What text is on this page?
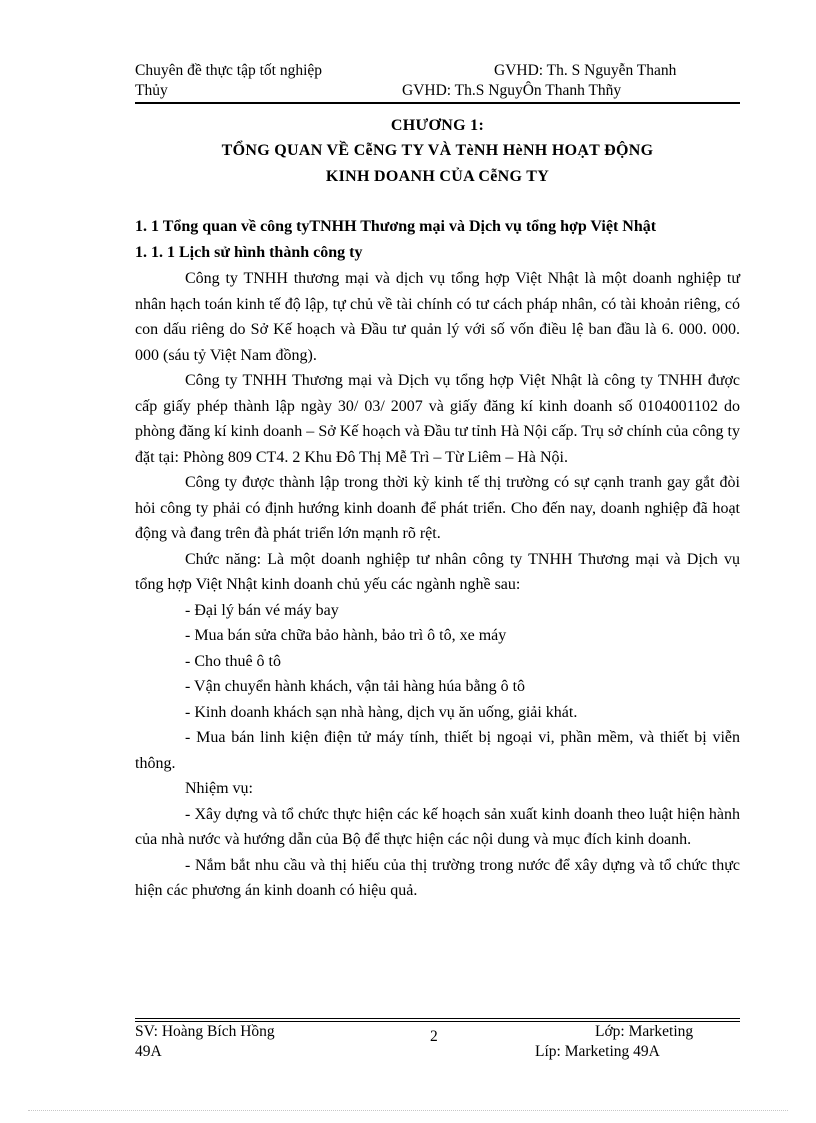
Chuyên đề thực tập tốt nghiệp	GVHD: Th. S Nguyễn Thanh
Thủy	GVHD: Th.S NguyÔn Thanh Thñy
CHƯƠNG 1:
TỔNG QUAN VỀ CễNG TY VÀ TèNH HèNH HOẠT ĐỘNG
KINH DOANH CỦA CễNG TY
1. 1 Tổng quan về công tyTNHH Thương mại và Dịch vụ tổng hợp Việt Nhật
1. 1. 1 Lịch sử hình thành công ty

Công ty TNHH thương mại và dịch vụ tổng hợp Việt Nhật là một doanh nghiệp tư nhân hạch toán kinh tế độ lập, tự chủ về tài chính có tư cách pháp nhân, có tài khoản riêng, có con dấu riêng do Sở Kế hoạch và Đầu tư quản lý với số vốn điều lệ ban đầu là 6. 000. 000. 000 (sáu tỷ Việt Nam đồng).

Công ty TNHH Thương mại và Dịch vụ tổng hợp Việt Nhật là công ty TNHH được cấp giấy phép thành lập ngày 30/ 03/ 2007 và giấy đăng kí kinh doanh số 0104001102 do phòng đăng kí kinh doanh – Sở Kế hoạch và Đầu tư tỉnh Hà Nội cấp. Trụ sở chính của công ty đặt tại: Phòng 809 CT4. 2 Khu Đô Thị Mễ Trì – Từ Liêm – Hà Nội.

Công ty được thành lập trong thời kỳ kinh tế thị trường có sự cạnh tranh gay gắt đòi hỏi công ty phải có định hướng kinh doanh để phát triển. Cho đến nay, doanh nghiệp đã hoạt động và đang trên đà phát triển lớn mạnh rõ rệt.

Chức năng: Là một doanh nghiệp tư nhân công ty TNHH Thương mại và Dịch vụ tổng hợp Việt Nhật kinh doanh chủ yếu các ngành nghề sau:

- Đại lý bán vé máy bay

- Mua bán sửa chữa bảo hành, bảo trì ô tô, xe máy

- Cho thuê ô tô

- Vận chuyển hành khách, vận tải hàng húa bằng ô tô

- Kinh doanh khách sạn nhà hàng, dịch vụ ăn uống, giải khát.

- Mua bán linh kiện điện tử máy tính, thiết bị ngoại vi, phần mềm, và thiết bị viễn thông.

Nhiệm vụ:

- Xây dựng và tổ chức thực hiện các kế hoạch sản xuất kinh doanh theo luật hiện hành của nhà nước và hướng dẫn của Bộ để thực hiện các nội dung và mục đích kinh doanh.

- Nắm bắt nhu cầu và thị hiếu của thị trường trong nước để xây dựng và tổ chức thực hiện các phương án kinh doanh có hiệu quả.

SV: Hoàng Bích Hồng	2	Lớp: Marketing
49A	Líp: Marketing 49A
